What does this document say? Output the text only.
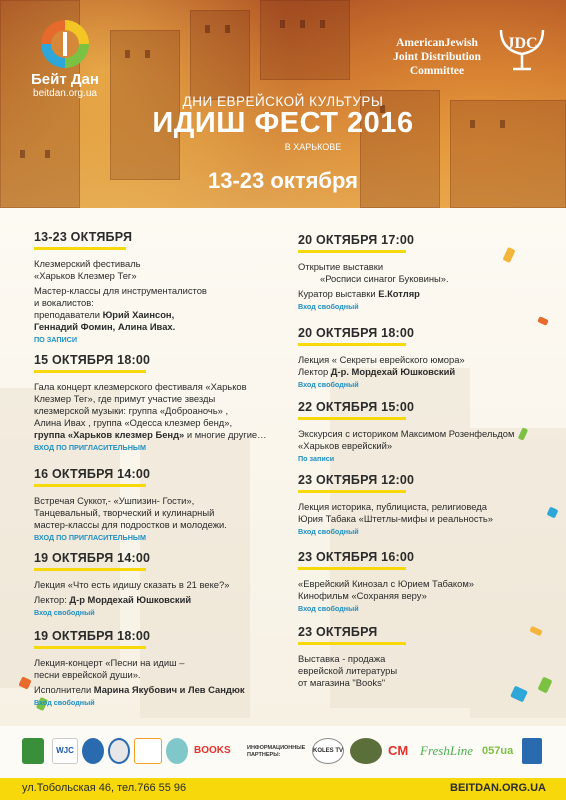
Бейт Дан
beitdan.org.ua
AmericanJewish
Joint Distribution
Committee
JDC
ДНИ ЕВРЕЙСКОЙ КУЛЬТУРЫ
ИДИШ ФЕСТ 2016
В ХАРЬКОВЕ
13-23 октября
13-23 ОКТЯБРЯ
Клезмерский фестиваль
«Харьков Клезмер Тег»
Мастер-классы для инструменталистов
и вокалистов:
преподаватели Юрий Хаинсон,
Геннадий Фомин, Алина Ивах.
ПО ЗАПИСИ
15 ОКТЯБРЯ 18:00
Гала концерт клезмерского фестиваля «Харьков
Клезмер Тег», где примут участие звезды
клезмерской музыки: группа «Доброаночь» ,
Алина Ивах , группа «Одесса клезмер бенд»,
группа «Харьков клезмер Бенд» и многие другие…
ВХОД ПО ПРИГЛАСИТЕЛЬНЫМ
16 ОКТЯБРЯ 14:00
Встречая Суккот,- «Ушпизин- Гости»,
Танцевальный, творческий и кулинарный
мастер-классы для подростков и молодежи.
ВХОД ПО ПРИГЛАСИТЕЛЬНЫМ
19 ОКТЯБРЯ 14:00
Лекция «Что есть идишу сказать в 21 веке?»
Лектор: Д-р Мордехай Юшковский
Вход свободный
19 ОКТЯБРЯ 18:00
Лекция-концерт «Песни на идиш –
песни еврейской души».
Исполнители Марина Якубович и Лев Сандюк
Вход свободный
20 ОКТЯБРЯ 17:00
Открытие выставки
«Росписи синагог Буковины».
Куратор выставки Е.Котляр
Вход свободный
20 ОКТЯБРЯ 18:00
Лекция « Секреты еврейского юмора»
Лектор Д-р. Мордехай Юшковский
Вход свободный
22 ОКТЯБРЯ 15:00
Экскурсия с историком Максимом Розенфельдом
«Харьков еврейский»
По записи
23 ОКТЯБРЯ 12:00
Лекция историка, публициста, религиоведа
Юрия Табака «Штетлы-мифы и реальность»
Вход свободный
23 ОКТЯБРЯ 16:00
«Еврейский Кинозал с Юрием Табаком»
Кинофильм «Сохраняя веру»
Вход свободный
23 ОКТЯБРЯ
Выставка - продажа
еврейской литературы
от магазина "Books"
WJC	BOOKS	ИНФОРМАЦИОННЫЕ
ПАРТНЕРЫ:
KOLES TV	CM FreshLine 057ua
ул.Тобольская 46, тел.766 55 96	BEITDAN.ORG.UA
